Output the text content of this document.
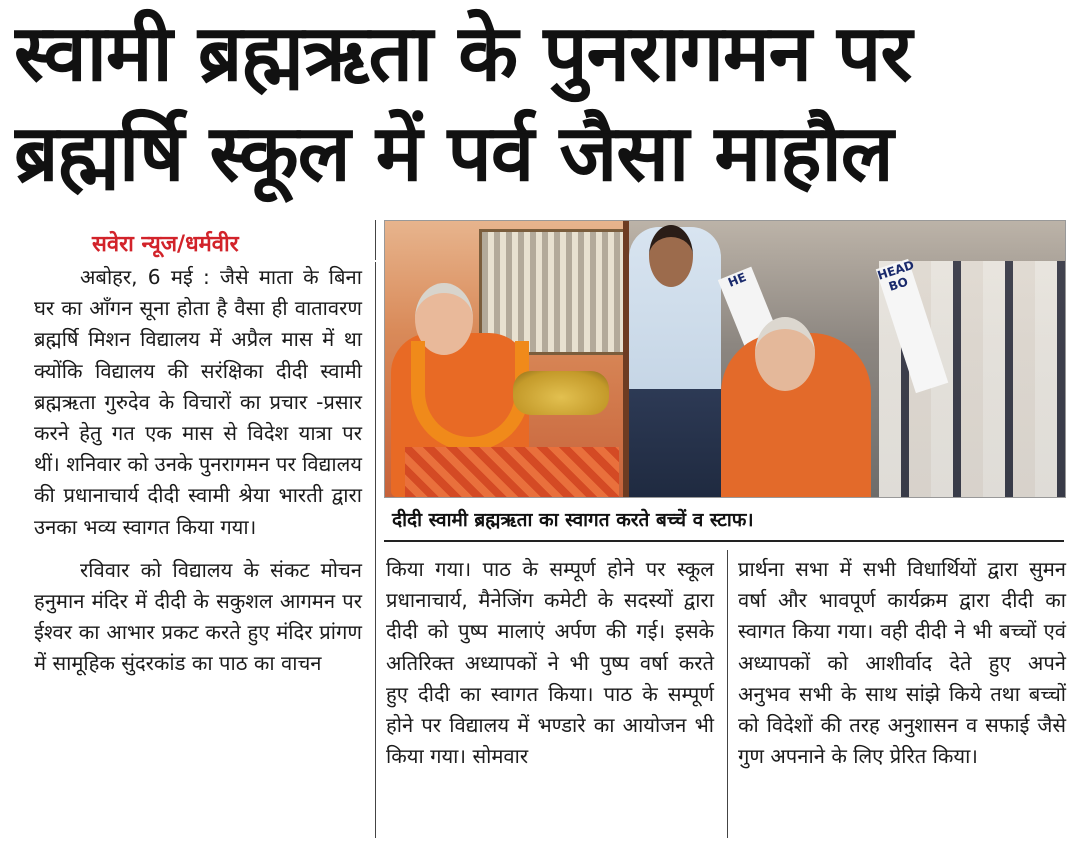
स्वामी ब्रह्मऋता के पुनरागमन पर
ब्रह्मर्षि स्कूल में पर्व जैसा माहौल
सवेरा न्यूज/धर्मवीर

अबोहर, 6 मई : जैसे माता के बिना घर का आँगन सूना होता है वैसा ही वातावरण ब्रह्मर्षि मिशन विद्यालय में अप्रैल मास में था क्योंकि विद्यालय की सरंक्षिका दीदी स्वामी ब्रह्मऋता गुरुदेव के विचारों का प्रचार -प्रसार करने हेतु गत एक मास से विदेश यात्रा पर थीं। शनिवार को उनके पुनरागमन पर विद्यालय की प्रधानाचार्य दीदी स्वामी श्रेया भारती द्वारा उनका भव्य स्वागत किया गया।

रविवार को विद्यालय के संकट मोचन हनुमान मंदिर में दीदी के सकुशल आगमन पर ईश्वर का आभार प्रकट करते हुए मंदिर प्रांगण में सामूहिक सुंदरकांड का पाठ का वाचन

HE	HEAD BO
दीदी स्वामी ब्रह्मऋता का स्वागत करते बच्चें व स्टाफ।

किया गया। पाठ के सम्पूर्ण होने पर स्कूल प्रधानाचार्य, मैनेजिंग कमेटी के सदस्यों द्वारा दीदी को पुष्प मालाएं अर्पण की गई। इसके अतिरिक्त अध्यापकों ने भी पुष्प वर्षा करते हुए दीदी का स्वागत किया। पाठ के सम्पूर्ण होने पर विद्यालय में भण्डारे का आयोजन भी किया गया। सोमवार

प्रार्थना सभा में सभी विधार्थियों द्वारा सुमन वर्षा और भावपूर्ण कार्यक्रम द्वारा दीदी का स्वागत किया गया। वही दीदी ने भी बच्चों एवं अध्यापकों को आशीर्वाद देते हुए अपने अनुभव सभी के साथ सांझे किये तथा बच्चों को विदेशों की तरह अनुशासन व सफाई जैसे गुण अपनाने के लिए प्रेरित किया।
